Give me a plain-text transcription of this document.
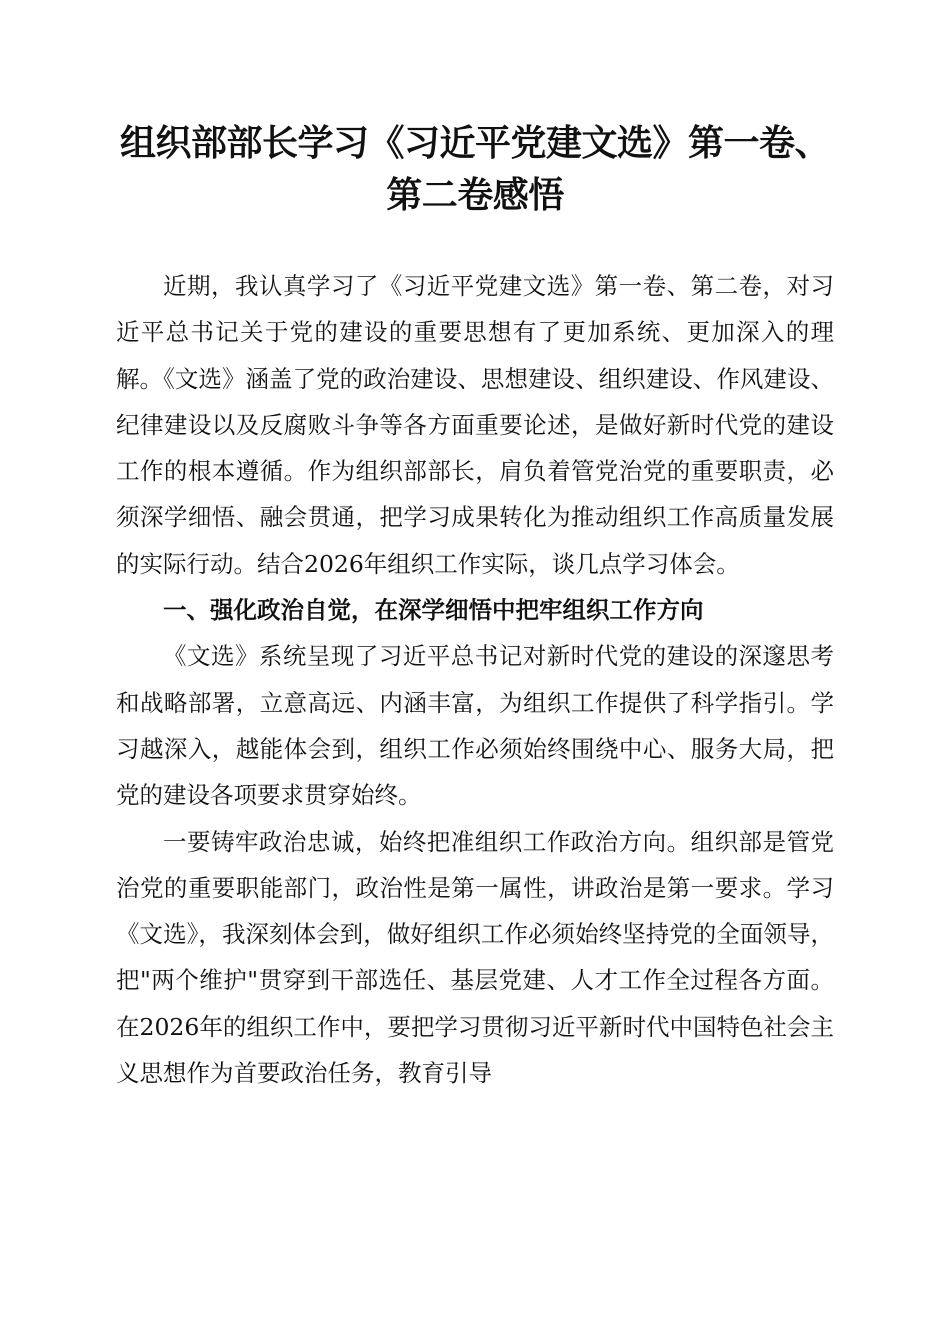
组织部部长学习《习近平党建文选》第一卷、
第二卷感悟

近期，我认真学习了《习近平党建文选》第一卷、第二卷，对习近平总书记关于党的建设的重要思想有了更加系统、更加深入的理解。《文选》涵盖了党的政治建设、思想建设、组织建设、作风建设、纪律建设以及反腐败斗争等各方面重要论述，是做好新时代党的建设工作的根本遵循。作为组织部部长，肩负着管党治党的重要职责，必须深学细悟、融会贯通，把学习成果转化为推动组织工作高质量发展的实际行动。结合2026年组织工作实际，谈几点学习体会。

一、强化政治自觉，在深学细悟中把牢组织工作方向

《文选》系统呈现了习近平总书记对新时代党的建设的深邃思考和战略部署，立意高远、内涵丰富，为组织工作提供了科学指引。学习越深入，越能体会到，组织工作必须始终围绕中心、服务大局，把党的建设各项要求贯穿始终。

一要铸牢政治忠诚，始终把准组织工作政治方向。组织部是管党治党的重要职能部门，政治性是第一属性，讲政治是第一要求。学习《文选》，我深刻体会到，做好组织工作必须始终坚持党的全面领导，把"两个维护"贯穿到干部选任、基层党建、人才工作全过程各方面。在2026年的组织工作中，要把学习贯彻习近平新时代中国特色社会主义思想作为首要政治任务，教育引导
